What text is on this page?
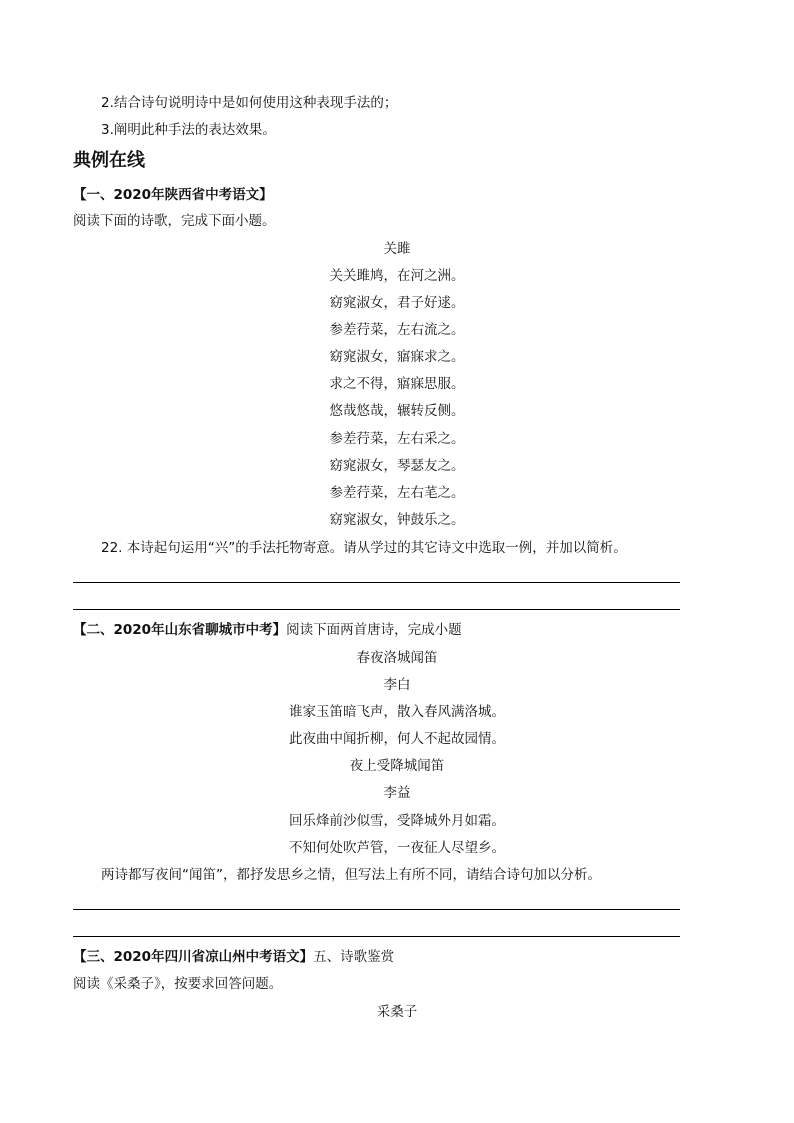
2.结合诗句说明诗中是如何使用这种表现手法的；
3.阐明此种手法的表达效果。
典例在线
【一、2020年陕西省中考语文】
阅读下面的诗歌，完成下面小题。
关雎
关关雎鸠，在河之洲。
窈窕淑女，君子好逑。
参差荇菜，左右流之。
窈窕淑女，寤寐求之。
求之不得，寤寐思服。
悠哉悠哉，辗转反侧。
参差荇菜，左右采之。
窈窕淑女，琴瑟友之。
参差荇菜，左右芼之。
窈窕淑女，钟鼓乐之。
22. 本诗起句运用“兴”的手法托物寄意。请从学过的其它诗文中选取一例，并加以简析。
【二、2020年山东省聊城市中考】阅读下面两首唐诗，完成小题
春夜洛城闻笛
李白
谁家玉笛暗飞声，散入春风满洛城。
此夜曲中闻折柳，何人不起故园情。
夜上受降城闻笛
李益
回乐烽前沙似雪，受降城外月如霜。
不知何处吹芦管，一夜征人尽望乡。
两诗都写夜间“闻笛”，都抒发思乡之情，但写法上有所不同，请结合诗句加以分析。
【三、2020年四川省凉山州中考语文】五、诗歌鉴赏
阅读《采桑子》，按要求回答问题。
采桑子
